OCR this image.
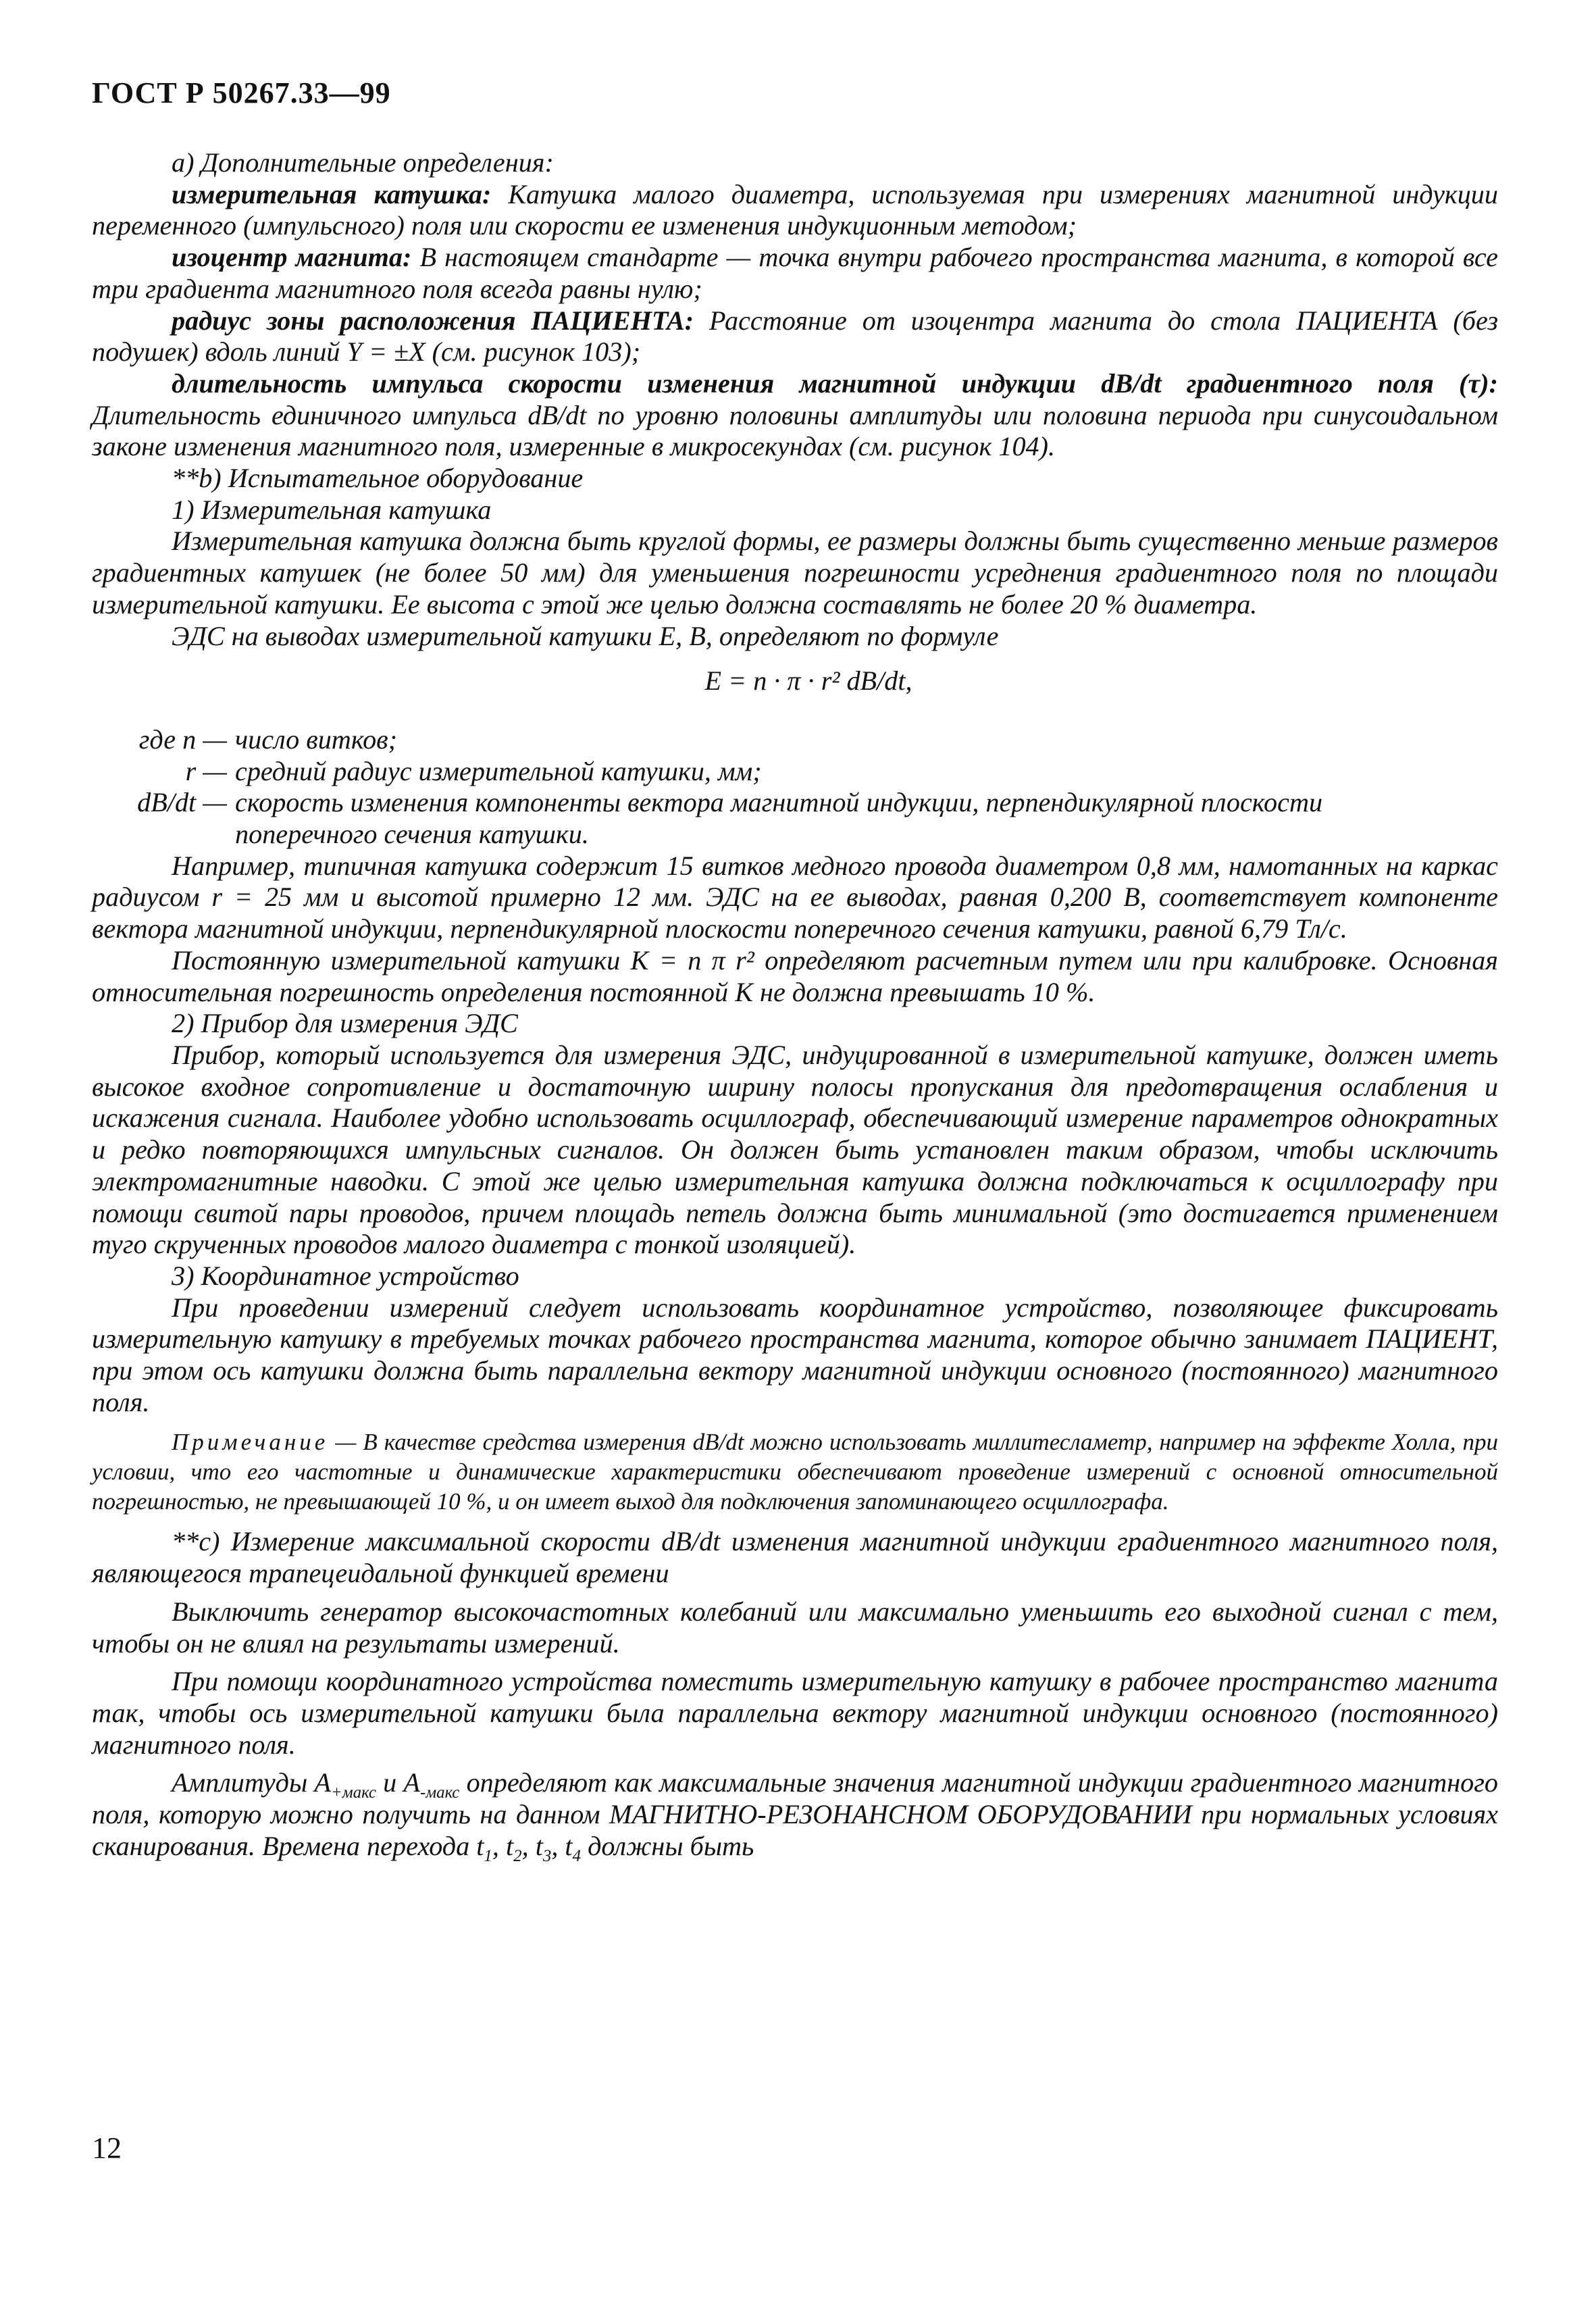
ГОСТ Р 50267.33—99

а) Дополнительные определения:

измерительная катушка: Катушка малого диаметра, используемая при измерениях магнитной индукции переменного (импульсного) поля или скорости ее изменения индукционным методом;

изоцентр магнита: В настоящем стандарте — точка внутри рабочего пространства магнита, в которой все три градиента магнитного поля всегда равны нулю;

радиус зоны расположения ПАЦИЕНТА: Расстояние от изоцентра магнита до стола ПАЦИЕНТА (без подушек) вдоль линий Y = ±X (см. рисунок 103);

длительность импульса скорости изменения магнитной индукции dB/dt градиентного поля (τ): Длительность единичного импульса dB/dt по уровню половины амплитуды или половина периода при синусоидальном законе изменения магнитного поля, измеренные в микросекундах (см. рисунок 104).

**b) Испытательное оборудование

1) Измерительная катушка

Измерительная катушка должна быть круглой формы, ее размеры должны быть существенно меньше размеров градиентных катушек (не более 50 мм) для уменьшения погрешности усреднения градиентного поля по площади измерительной катушки. Ее высота с этой же целью должна составлять не более 20 % диаметра.

ЭДС на выводах измерительной катушки E, В, определяют по формуле

E = n · π · r² dB/dt,

где n — число витков;
r — средний радиус измерительной катушки, мм;
dB/dt — скорость изменения компоненты вектора магнитной индукции, перпендикулярной плоскости
поперечного сечения катушки.

Например, типичная катушка содержит 15 витков медного провода диаметром 0,8 мм, намотанных на каркас радиусом r = 25 мм и высотой примерно 12 мм. ЭДС на ее выводах, равная 0,200 В, соответствует компоненте вектора магнитной индукции, перпендикулярной плоскости поперечного сечения катушки, равной 6,79 Тл/с.

Постоянную измерительной катушки K = n π r² определяют расчетным путем или при калибровке. Основная относительная погрешность определения постоянной K не должна превышать 10 %.

2) Прибор для измерения ЭДС

Прибор, который используется для измерения ЭДС, индуцированной в измерительной катушке, должен иметь высокое входное сопротивление и достаточную ширину полосы пропускания для предотвращения ослабления и искажения сигнала. Наиболее удобно использовать осциллограф, обеспечивающий измерение параметров однократных и редко повторяющихся импульсных сигналов. Он должен быть установлен таким образом, чтобы исключить электромагнитные наводки. С этой же целью измерительная катушка должна подключаться к осциллографу при помощи свитой пары проводов, причем площадь петель должна быть минимальной (это достигается применением туго скрученных проводов малого диаметра с тонкой изоляцией).

3) Координатное устройство

При проведении измерений следует использовать координатное устройство, позволяющее фиксировать измерительную катушку в требуемых точках рабочего пространства магнита, которое обычно занимает ПАЦИЕНТ, при этом ось катушки должна быть параллельна вектору магнитной индукции основного (постоянного) магнитного поля.

Примечание — В качестве средства измерения dB/dt можно использовать миллитесламетр, например на эффекте Холла, при условии, что его частотные и динамические характеристики обеспечивают проведение измерений с основной относительной погрешностью, не превышающей 10 %, и он имеет выход для подключения запоминающего осциллографа.

**c) Измерение максимальной скорости dB/dt изменения магнитной индукции градиентного магнитного поля, являющегося трапецеидальной функцией времени

Выключить генератор высокочастотных колебаний или максимально уменьшить его выходной сигнал с тем, чтобы он не влиял на результаты измерений.

При помощи координатного устройства поместить измерительную катушку в рабочее пространство магнита так, чтобы ось измерительной катушки была параллельна вектору магнитной индукции основного (постоянного) магнитного поля.

Амплитуды $A_{+макс}$ и $A_{-макс}$ определяют как максимальные значения магнитной индукции градиентного магнитного поля, которую можно получить на данном МАГНИТНО-РЕЗОНАНСНОМ ОБОРУДОВАНИИ при нормальных условиях сканирования. Времена перехода $t_1$, $t_2$, $t_3$, $t_4$ должны быть

12
